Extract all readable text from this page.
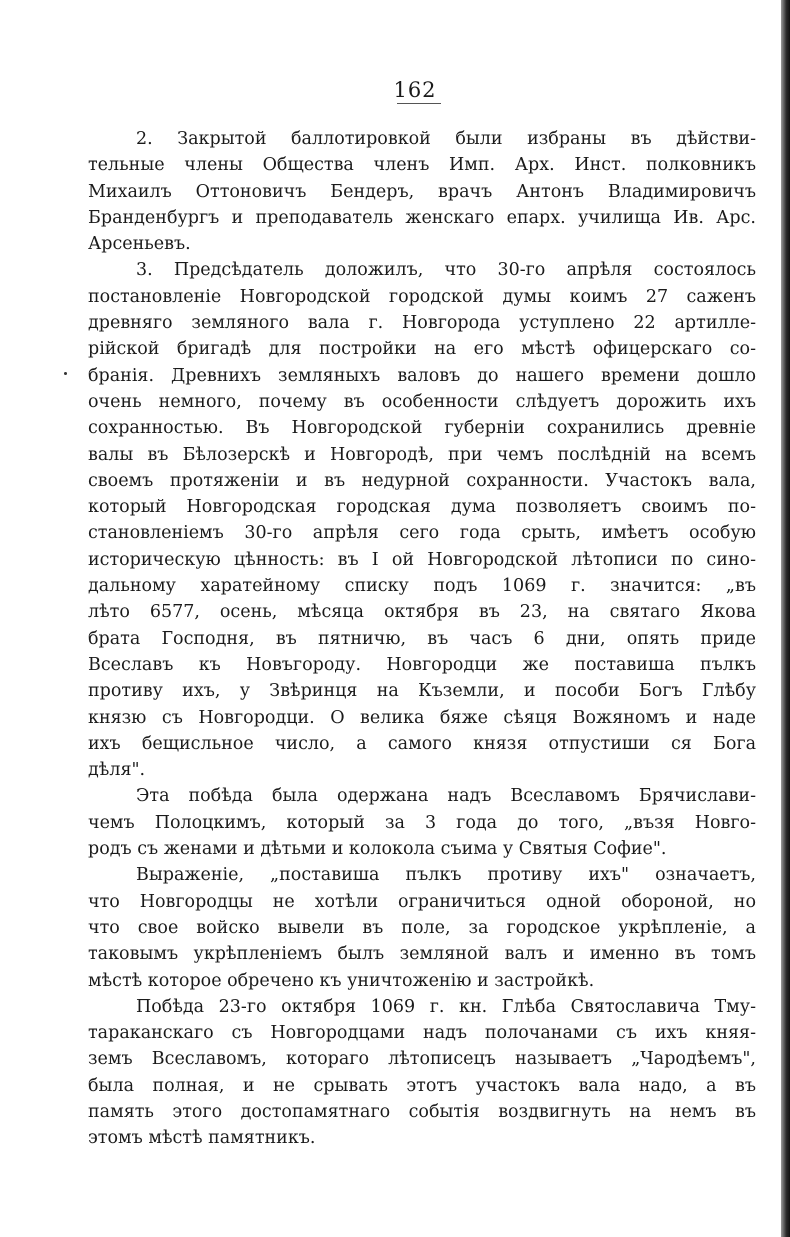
162
2. Закрытой баллотировкой были избраны въ дѣйстви-
тельные члены Общества членъ Имп. Арх. Инст. полковникъ
Михаилъ Оттоновичъ Бендеръ, врачъ Антонъ Владимировичъ
Бранденбургъ и преподаватель женскаго епарх. училища Ив. Арс.
Арсеньевъ.
3. Предсѣдатель доложилъ, что 30-го апрѣля состоялось
постановленіе Новгородской городской думы коимъ 27 саженъ
древняго земляного вала г. Новгорода уступлено 22 артилле-
рійской бригадѣ для постройки на его мѣстѣ офицерскаго со-
бранія. Древнихъ земляныхъ валовъ до нашего времени дошло
очень немного, почему въ особенности слѣдуетъ дорожить ихъ
сохранностью. Въ Новгородской губерніи сохранились древніе
валы въ Бѣлозерскѣ и Новгородѣ, при чемъ послѣдній на всемъ
своемъ протяженіи и въ недурной сохранности. Участокъ вала,
который Новгородская городская дума позволяетъ своимъ по-
становленіемъ 30-го апрѣля сего года срыть, имѣетъ особую
историческую цѣнность: въ I ой Новгородской лѣтописи по сино-
дальному харатейному списку подъ 1069 г. значится: „въ
лѣто 6577, осень, мѣсяца октября въ 23, на святаго Якова
брата Господня, въ пятничю, въ часъ 6 дни, опять приде
Всеславъ къ Новъгороду. Новгородци же поставиша пълкъ
противу ихъ, у Звѣринця на Къземли, и пособи Богъ Глѣбу
князю съ Новгородци. О велика бяже сѣяця Вожяномъ и наде
ихъ бещисльное число, а самого князя отпустиши ся Бога
дѣля".
Эта побѣда была одержана надъ Всеславомъ Брячислави-
чемъ Полоцкимъ, который за 3 года до того, „възя Новго-
родъ съ женами и дѣтьми и колокола съима у Святыя Софие".
Выраженіе, „поставиша пълкъ противу ихъ" означаетъ,
что Новгородцы не хотѣли ограничиться одной обороной, но
что свое войско вывели въ поле, за городское укрѣпленіе, а
таковымъ укрѣпленіемъ былъ земляной валъ и именно въ томъ
мѣстѣ которое обречено къ уничтоженію и застройкѣ.
Побѣда 23-го октября 1069 г. кн. Глѣба Святославича Тму-
тараканскаго съ Новгородцами надъ полочанами съ ихъ княя-
земъ Всеславомъ, котораго лѣтописецъ называетъ „Чародѣемъ",
была полная, и не срывать этотъ участокъ вала надо, а въ
память этого достопамятнаго событія воздвигнуть на немъ въ
этомъ мѣстѣ памятникъ.
